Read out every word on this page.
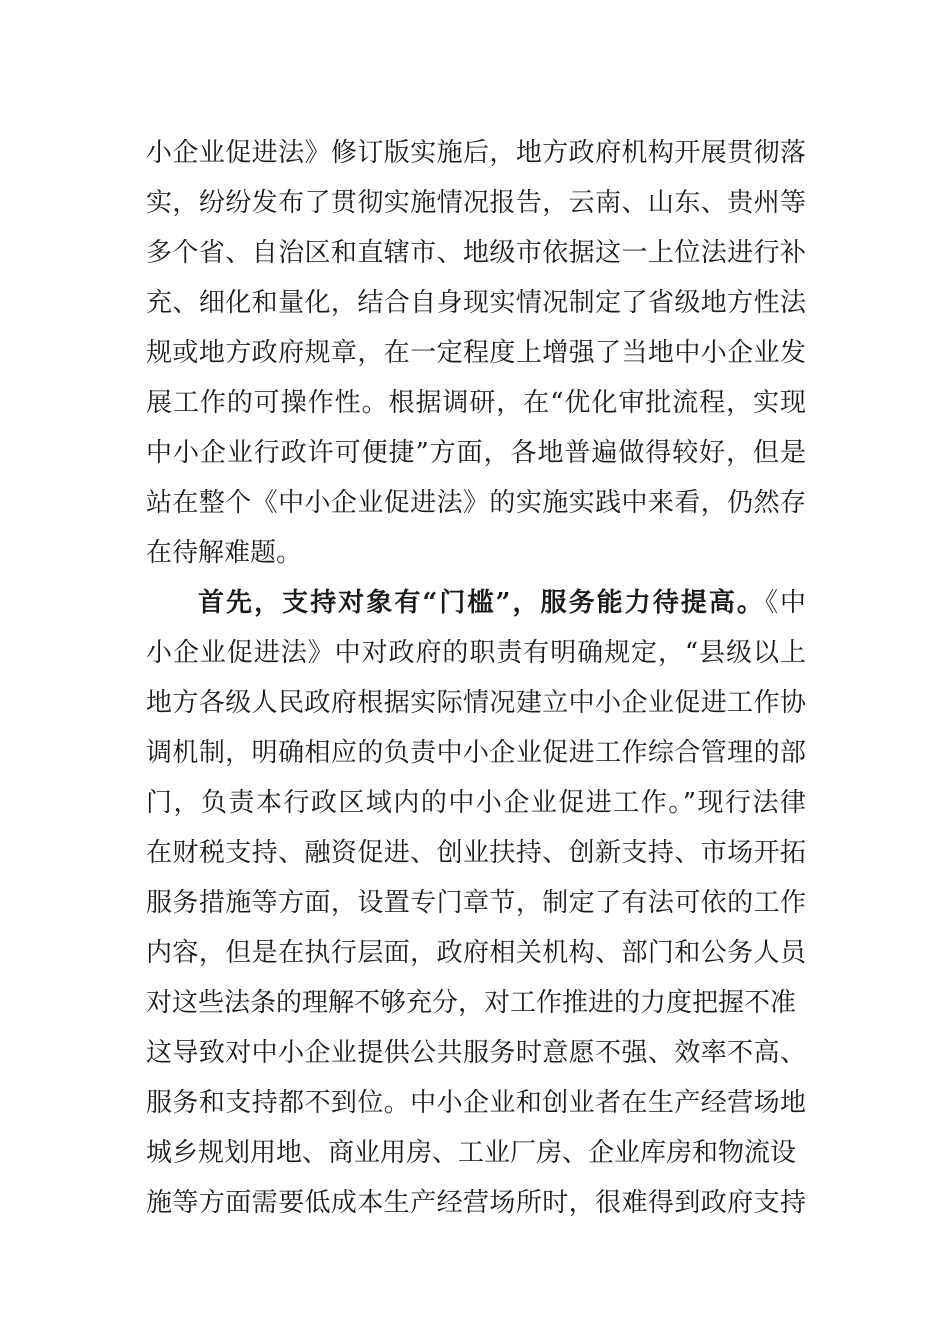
小企业促进法》修订版实施后，地方政府机构开展贯彻落
实，纷纷发布了贯彻实施情况报告，云南、山东、贵州等
多个省、自治区和直辖市、地级市依据这一上位法进行补
充、细化和量化，结合自身现实情况制定了省级地方性法
规或地方政府规章，在一定程度上增强了当地中小企业发
展工作的可操作性。根据调研，在“优化审批流程，实现
中小企业行政许可便捷”方面，各地普遍做得较好，但是
站在整个《中小企业促进法》的实施实践中来看，仍然存
在待解难题。
首先，支持对象有“门槛”，服务能力待提高。《中
小企业促进法》中对政府的职责有明确规定，“县级以上
地方各级人民政府根据实际情况建立中小企业促进工作协
调机制，明确相应的负责中小企业促进工作综合管理的部
门，负责本行政区域内的中小企业促进工作。”现行法律
在财税支持、融资促进、创业扶持、创新支持、市场开拓
服务措施等方面，设置专门章节，制定了有法可依的工作
内容，但是在执行层面，政府相关机构、部门和公务人员
对这些法条的理解不够充分，对工作推进的力度把握不准
这导致对中小企业提供公共服务时意愿不强、效率不高、
服务和支持都不到位。中小企业和创业者在生产经营场地
城乡规划用地、商业用房、工业厂房、企业库房和物流设
施等方面需要低成本生产经营场所时，很难得到政府支持
